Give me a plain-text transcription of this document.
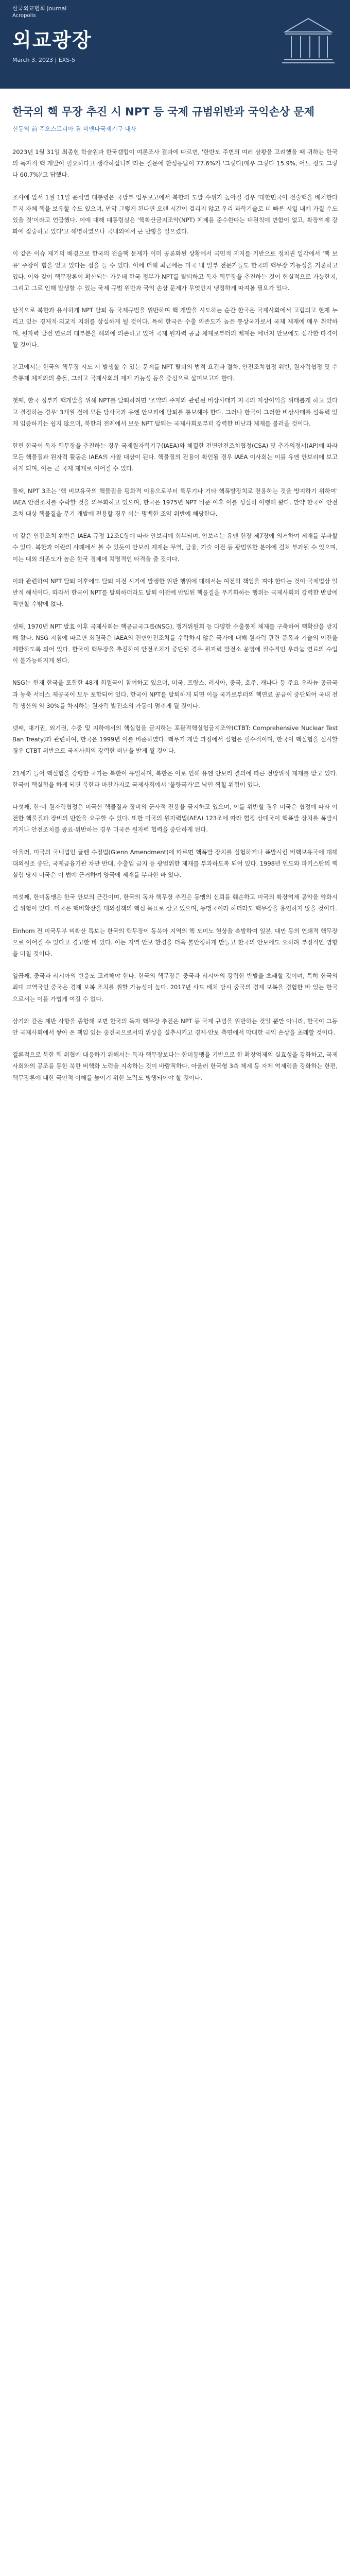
한국외교협회 Journal
Acropolis
외교광장
March 3, 2023 | EXS-5
한국의 핵 무장 추진 시 NPT 등 국제 규범위반과 국익손상 문제
신동익 前 주오스트리아 겸 비엔나국제기구 대사

2023년 1월 31일 최종현 학술원과 한국갤럽이 여론조사 결과에 따르면, '한반도 주변의 여러 상황을 고려했을 때 귀하는 한국의 독자적 핵 개발이 필요하다고 생각하십니까'라는 질문에 찬성응답이 77.6%가 '그렇다(매우 그렇다 15.9%, 어느 정도 그렇다 60.7%)'고 답했다.

조사에 앞서 1월 11일 윤석열 대통령은 국방부 업무보고에서 북한의 도발 수위가 높아질 경우 '대한민국이 전술핵을 배치한다든지 자체 핵을 보유할 수도 있으며, 만약 그렇게 된다면 오랜 시간이 걸리지 않고 우리 과학기술로 더 빠른 시일 내에 가질 수도 있을 것'이라고 언급했다. 이에 대해 대통령실은 '핵확산금지조약(NPT) 체제를 준수한다는 대원칙에 변함이 없고, 확장억제 강화에 집중하고 있다'고 해명하였으나 국내외에서 큰 반향을 일으켰다.

이 같은 이슈 제기의 배경으로 한국의 전술핵 문제가 이미 공론화된 상황에서 국민적 지지를 기반으로 정치권 일각에서 '핵 보유' 주장이 힘을 얻고 있다는 점을 들 수 있다. 이에 더해 최근에는 미국 내 일부 전문가들도 한국의 핵무장 가능성을 거론하고 있다. 이와 같이 핵무장론이 확산되는 가운데 한국 정부가 NPT를 탈퇴하고 독자 핵무장을 추진하는 것이 현실적으로 가능한지, 그리고 그로 인해 발생할 수 있는 국제 규범 위반과 국익 손상 문제가 무엇인지 냉정하게 따져볼 필요가 있다.

단적으로 북한과 유사하게 NPT 탈퇴 등 국제규범을 위반하며 핵 개발을 시도하는 순간 한국은 국제사회에서 고립되고 현재 누리고 있는 경제적·외교적 지위를 상실하게 될 것이다. 특히 한국은 수출 의존도가 높은 통상국가로서 국제 제재에 매우 취약하며, 원자력 발전 연료의 대부분을 해외에 의존하고 있어 국제 원자력 공급 체제로부터의 배제는 에너지 안보에도 심각한 타격이 될 것이다.

본고에서는 한국의 핵무장 시도 시 발생할 수 있는 문제를 NPT 탈퇴의 법적 요건과 절차, 안전조치협정 위반, 원자력협정 및 수출통제 체제와의 충돌, 그리고 국제사회의 제재 가능성 등을 중심으로 살펴보고자 한다.

첫째, 한국 정부가 핵개발을 위해 NPT를 탈퇴하려면 '조약의 주제와 관련된 비상사태가 자국의 지상이익을 위태롭게 하고 있다고 결정하는 경우' 3개월 전에 모든 당사국과 유엔 안보리에 탈퇴를 통보해야 한다. 그러나 한국이 그러한 비상사태를 설득력 있게 입증하기는 쉽지 않으며, 북한의 전례에서 보듯 NPT 탈퇴는 국제사회로부터 강력한 비난과 제재를 불러올 것이다.

한편 한국이 독자 핵무장을 추진하는 경우 국제원자력기구(IAEA)와 체결한 전면안전조치협정(CSA) 및 추가의정서(AP)에 따라 모든 핵물질과 원자력 활동은 IAEA의 사찰 대상이 된다. 핵물질의 전용이 확인될 경우 IAEA 이사회는 이를 유엔 안보리에 보고하게 되며, 이는 곧 국제 제재로 이어질 수 있다.

둘째, NPT 3조는 '핵 비보유국의 핵물질을 평화적 이용으로부터 핵무기나 기타 핵폭발장치로 전용하는 것을 방지하기 위하여' IAEA 안전조치를 수락할 것을 의무화하고 있으며, 한국은 1975년 NPT 비준 이후 이를 성실히 이행해 왔다. 만약 한국이 안전조치 대상 핵물질을 무기 개발에 전용할 경우 이는 명백한 조약 위반에 해당한다.

이 같은 안전조치 위반은 IAEA 규정 12조C항에 따라 안보리에 회부되며, 안보리는 유엔 헌장 제7장에 의거하여 제재를 부과할 수 있다. 북한과 이란의 사례에서 볼 수 있듯이 안보리 제재는 무역, 금융, 기술 이전 등 광범위한 분야에 걸쳐 부과될 수 있으며, 이는 대외 의존도가 높은 한국 경제에 치명적인 타격을 줄 것이다.

이와 관련하여 NPT 탈퇴 이후에도 탈퇴 이전 시기에 발생한 위반 행위에 대해서는 여전히 책임을 져야 한다는 것이 국제법상 일반적 해석이다. 따라서 한국이 NPT를 탈퇴하더라도 탈퇴 이전에 반입된 핵물질을 무기화하는 행위는 국제사회의 강력한 반발에 직면할 수밖에 없다.

셋째, 1970년 NPT 발효 이후 국제사회는 핵공급국그룹(NSG), 쟁거위원회 등 다양한 수출통제 체제를 구축하여 핵확산을 방지해 왔다. NSG 지침에 따르면 회원국은 IAEA의 전면안전조치를 수락하지 않은 국가에 대해 원자력 관련 품목과 기술의 이전을 제한하도록 되어 있다. 한국이 핵무장을 추진하여 안전조치가 중단될 경우 원자력 발전소 운영에 필수적인 우라늄 연료의 수입이 불가능해지게 된다.

NSG는 현재 한국을 포함한 48개 회원국이 참여하고 있으며, 미국, 프랑스, 러시아, 중국, 호주, 캐나다 등 주요 우라늄 공급국과 농축 서비스 제공국이 모두 포함되어 있다. 한국이 NPT를 탈퇴하게 되면 이들 국가로부터의 핵연료 공급이 중단되어 국내 전력 생산의 약 30%를 차지하는 원자력 발전소의 가동이 멈추게 될 것이다.

넷째, 대기권, 외기권, 수중 및 지하에서의 핵실험을 금지하는 포괄적핵실험금지조약(CTBT: Comprehensive Nuclear Test Ban Treaty)과 관련하여, 한국은 1999년 이를 비준하였다. 핵무기 개발 과정에서 실험은 필수적이며, 한국이 핵실험을 실시할 경우 CTBT 위반으로 국제사회의 강력한 비난을 받게 될 것이다.

21세기 들어 핵실험을 강행한 국가는 북한이 유일하며, 북한은 이로 인해 유엔 안보리 결의에 따른 전방위적 제재를 받고 있다. 한국이 핵실험을 하게 되면 북한과 마찬가지로 국제사회에서 '불량국가'로 낙인 찍힐 위험이 있다.

다섯째, 한·미 원자력협정은 미국산 핵물질과 장비의 군사적 전용을 금지하고 있으며, 이를 위반할 경우 미국은 협정에 따라 이전한 핵물질과 장비의 반환을 요구할 수 있다. 또한 미국의 원자력법(AEA) 123조에 따라 협정 상대국이 핵폭발 장치를 폭발시키거나 안전조치를 종료·위반하는 경우 미국은 원자력 협력을 중단하게 된다.

아울러, 미국의 국내법인 글렌 수정법(Glenn Amendment)에 따르면 핵폭발 장치를 실험하거나 폭발시킨 비핵보유국에 대해 대외원조 중단, 국제금융기관 차관 반대, 수출입 금지 등 광범위한 제재를 부과하도록 되어 있다. 1998년 인도와 파키스탄의 핵실험 당시 미국은 이 법에 근거하여 양국에 제재를 부과한 바 있다.

여섯째, 한미동맹은 한국 안보의 근간이며, 한국의 독자 핵무장 추진은 동맹의 신뢰를 훼손하고 미국의 확장억제 공약을 약화시킬 위험이 있다. 미국은 핵비확산을 대외정책의 핵심 목표로 삼고 있으며, 동맹국이라 하더라도 핵무장을 용인하지 않을 것이다.

Einhorn 전 미국무부 비확산 특보는 한국의 핵무장이 동북아 지역의 핵 도미노 현상을 촉발하여 일본, 대만 등의 연쇄적 핵무장으로 이어질 수 있다고 경고한 바 있다. 이는 지역 안보 환경을 더욱 불안정하게 만들고 한국의 안보에도 오히려 부정적인 영향을 미칠 것이다.

일곱째, 중국과 러시아의 반응도 고려해야 한다. 한국의 핵무장은 중국과 러시아의 강력한 반발을 초래할 것이며, 특히 한국의 최대 교역국인 중국은 경제 보복 조치를 취할 가능성이 높다. 2017년 사드 배치 당시 중국의 경제 보복을 경험한 바 있는 한국으로서는 이를 가볍게 여길 수 없다.

상기와 같은 제반 사항을 종합해 보면 한국의 독자 핵무장 추진은 NPT 등 국제 규범을 위반하는 것일 뿐만 아니라, 한국이 그동안 국제사회에서 쌓아 온 책임 있는 중견국으로서의 위상을 실추시키고 경제·안보 측면에서 막대한 국익 손상을 초래할 것이다.

결론적으로 북한 핵 위협에 대응하기 위해서는 독자 핵무장보다는 한미동맹을 기반으로 한 확장억제의 실효성을 강화하고, 국제사회와의 공조를 통한 북한 비핵화 노력을 지속하는 것이 바람직하다. 아울러 한국형 3축 체계 등 자체 억제력을 강화하는 한편, 핵무장론에 대한 국민적 이해를 높이기 위한 노력도 병행되어야 할 것이다.
